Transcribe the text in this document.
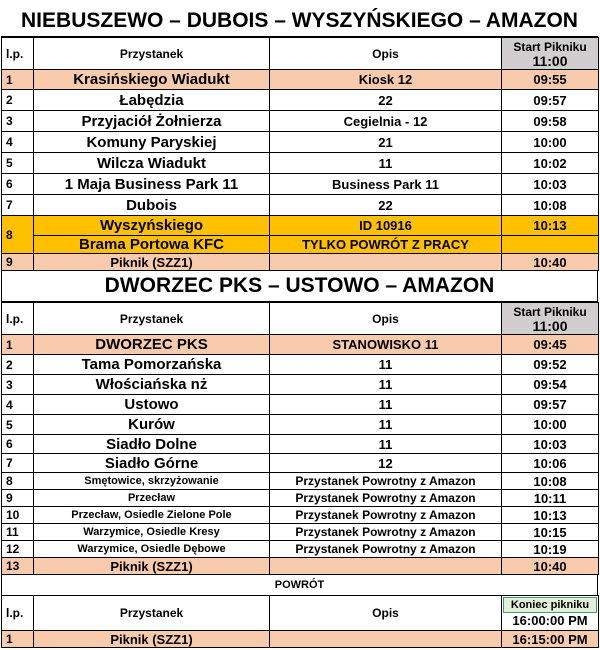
NIEBUSZEWO – DUBOIS – WYSZYŃSKIEGO – AMAZON
l.p.	Przystanek	Opis	Start Pikniku
11:00

1	Krasińskiego Wiadukt	Kiosk 12	09:55
2	Łabędzia	22	09:57
3	Przyjaciół Żołnierza	Cegielnia - 12	09:58
4	Komuny Paryskiej	21	10:00
5	Wilcza Wiadukt	11	10:02
6	1 Maja Business Park 11	Business Park 11	10:03
7	Dubois	22	10:08
8	Wyszyńskiego	ID 10916	10:13
	Brama Portowa KFC	TYLKO POWRÓT Z PRACY	
9	Piknik (SZZ1)		10:40
DWORZEC PKS – USTOWO – AMAZON
l.p.	Przystanek	Opis	Start Pikniku
11:00

1	DWORZEC PKS	STANOWISKO 11	09:45
2	Tama Pomorzańska	11	09:52
3	Włościańska nż	11	09:54
4	Ustowo	11	09:57
5	Kurów	11	10:00
6	Siadło Dolne	11	10:03
7	Siadło Górne	12	10:06
8	Smętowice, skrzyżowanie	Przystanek Powrotny z Amazon	10:08
9	Przecław	Przystanek Powrotny z Amazon	10:11
10	Przecław, Osiedle Zielone Pole	Przystanek Powrotny z Amazon	10:13
11	Warzymice, Osiedle Kresy	Przystanek Powrotny z Amazon	10:15
12	Warzymice, Osiedle Dębowe	Przystanek Powrotny z Amazon	10:19
13	Piknik (SZZ1)		10:40
POWRÓT
l.p.	Przystanek	Opis	Koniec pikniku
16:00:00 PM

1	Piknik (SZZ1)		16:15:00 PM
